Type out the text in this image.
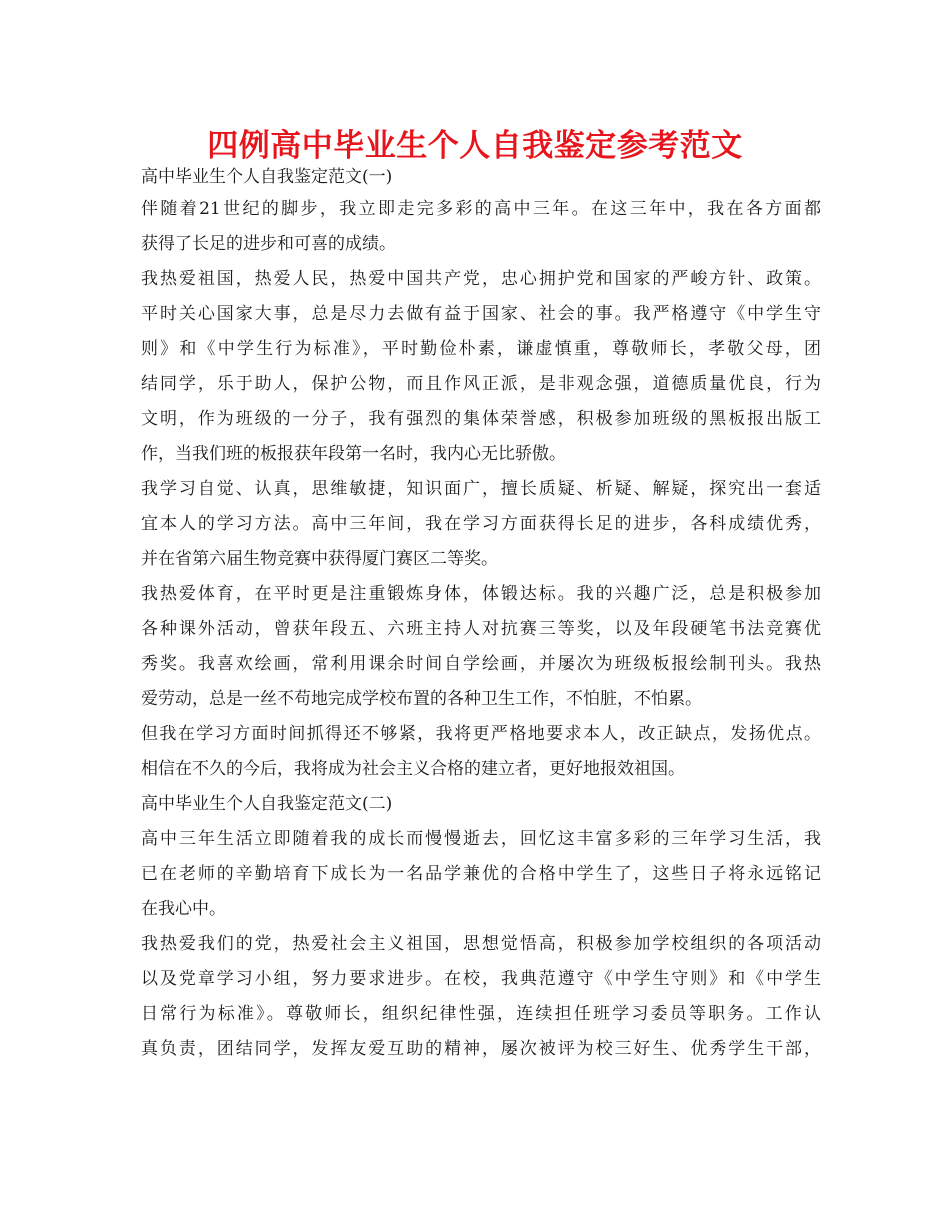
四例高中毕业生个人自我鉴定参考范文
高中毕业生个人自我鉴定范文(一)
伴随着21世纪的脚步，我立即走完多彩的高中三年。在这三年中，我在各方面都
获得了长足的进步和可喜的成绩。
我热爱祖国，热爱人民，热爱中国共产党，忠心拥护党和国家的严峻方针、政策。
平时关心国家大事，总是尽力去做有益于国家、社会的事。我严格遵守《中学生守
则》和《中学生行为标准》，平时勤俭朴素，谦虚慎重，尊敬师长，孝敬父母，团
结同学，乐于助人，保护公物，而且作风正派，是非观念强，道德质量优良，行为
文明，作为班级的一分子，我有强烈的集体荣誉感，积极参加班级的黑板报出版工
作，当我们班的板报获年段第一名时，我内心无比骄傲。
我学习自觉、认真，思维敏捷，知识面广，擅长质疑、析疑、解疑，探究出一套适
宜本人的学习方法。高中三年间，我在学习方面获得长足的进步，各科成绩优秀，
并在省第六届生物竞赛中获得厦门赛区二等奖。
我热爱体育，在平时更是注重锻炼身体，体锻达标。我的兴趣广泛，总是积极参加
各种课外活动，曾获年段五、六班主持人对抗赛三等奖，以及年段硬笔书法竞赛优
秀奖。我喜欢绘画，常利用课余时间自学绘画，并屡次为班级板报绘制刊头。我热
爱劳动，总是一丝不苟地完成学校布置的各种卫生工作，不怕脏，不怕累。
但我在学习方面时间抓得还不够紧，我将更严格地要求本人，改正缺点，发扬优点。
相信在不久的今后，我将成为社会主义合格的建立者，更好地报效祖国。
高中毕业生个人自我鉴定范文(二)
高中三年生活立即随着我的成长而慢慢逝去，回忆这丰富多彩的三年学习生活，我
已在老师的辛勤培育下成长为一名品学兼优的合格中学生了，这些日子将永远铭记
在我心中。
我热爱我们的党，热爱社会主义祖国，思想觉悟高，积极参加学校组织的各项活动
以及党章学习小组，努力要求进步。在校，我典范遵守《中学生守则》和《中学生
日常行为标准》。尊敬师长，组织纪律性强，连续担任班学习委员等职务。工作认
真负责，团结同学，发挥友爱互助的精神，屡次被评为校三好生、优秀学生干部，
